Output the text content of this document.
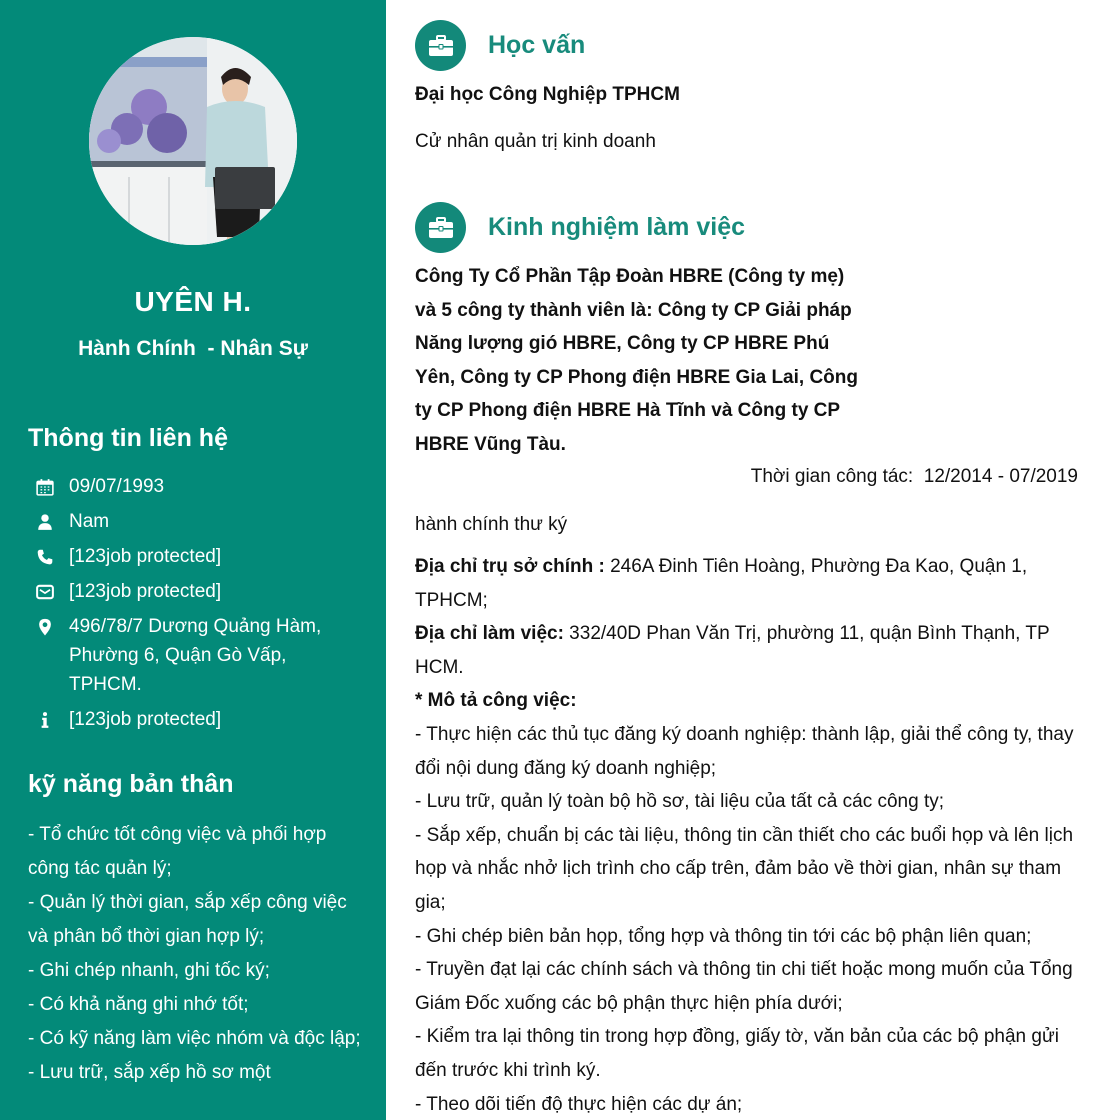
UYÊN H.
Hành Chính  - Nhân Sự
Thông tin liên hệ
09/07/1993
Nam
[123job protected]
[123job protected]
496/78/7 Dương Quảng Hàm, Phường 6, Quận Gò Vấp, TPHCM.
[123job protected]
kỹ năng bản thân
- Tổ chức tốt công việc và phối hợp công tác quản lý;
- Quản lý thời gian, sắp xếp công việc và phân bổ thời gian hợp lý;
- Ghi chép nhanh, ghi tốc ký;
- Có khả năng ghi nhớ tốt;
- Có kỹ năng làm việc nhóm và độc lập;
- Lưu trữ, sắp xếp hồ sơ một
Học vấn
Đại học Công Nghiệp TPHCM
Cử nhân quản trị kinh doanh
Kinh nghiệm làm việc
Công Ty Cổ Phần Tập Đoàn HBRE (Công ty mẹ) và 5 công ty thành viên là: Công ty CP Giải pháp Năng lượng gió HBRE, Công ty CP HBRE Phú Yên, Công ty CP Phong điện HBRE Gia Lai, Công ty CP Phong điện HBRE Hà Tĩnh và Công ty CP HBRE Vũng Tàu.
Thời gian công tác: 12/2014 - 07/2019
hành chính thư ký
Địa chỉ trụ sở chính : 246A Đinh Tiên Hoàng, Phường Đa Kao, Quận 1, TPHCM;
Địa chỉ làm việc: 332/40D Phan Văn Trị, phường 11, quận Bình Thạnh, TP HCM.
* Mô tả công việc:
- Thực hiện các thủ tục đăng ký doanh nghiệp: thành lập, giải thể công ty, thay đổi nội dung đăng ký doanh nghiệp;
- Lưu trữ, quản lý toàn bộ hồ sơ, tài liệu của tất cả các công ty;
- Sắp xếp, chuẩn bị các tài liệu, thông tin cần thiết cho các buổi họp và lên lịch họp và nhắc nhở lịch trình cho cấp trên, đảm bảo về thời gian, nhân sự tham gia;
- Ghi chép biên bản họp, tổng hợp và thông tin tới các bộ phận liên quan;
- Truyền đạt lại các chính sách và thông tin chi tiết hoặc mong muốn của Tổng Giám Đốc xuống các bộ phận thực hiện phía dưới;
- Kiểm tra lại thông tin trong hợp đồng, giấy tờ, văn bản của các bộ phận gửi đến trước khi trình ký.
- Theo dõi tiến độ thực hiện các dự án;
